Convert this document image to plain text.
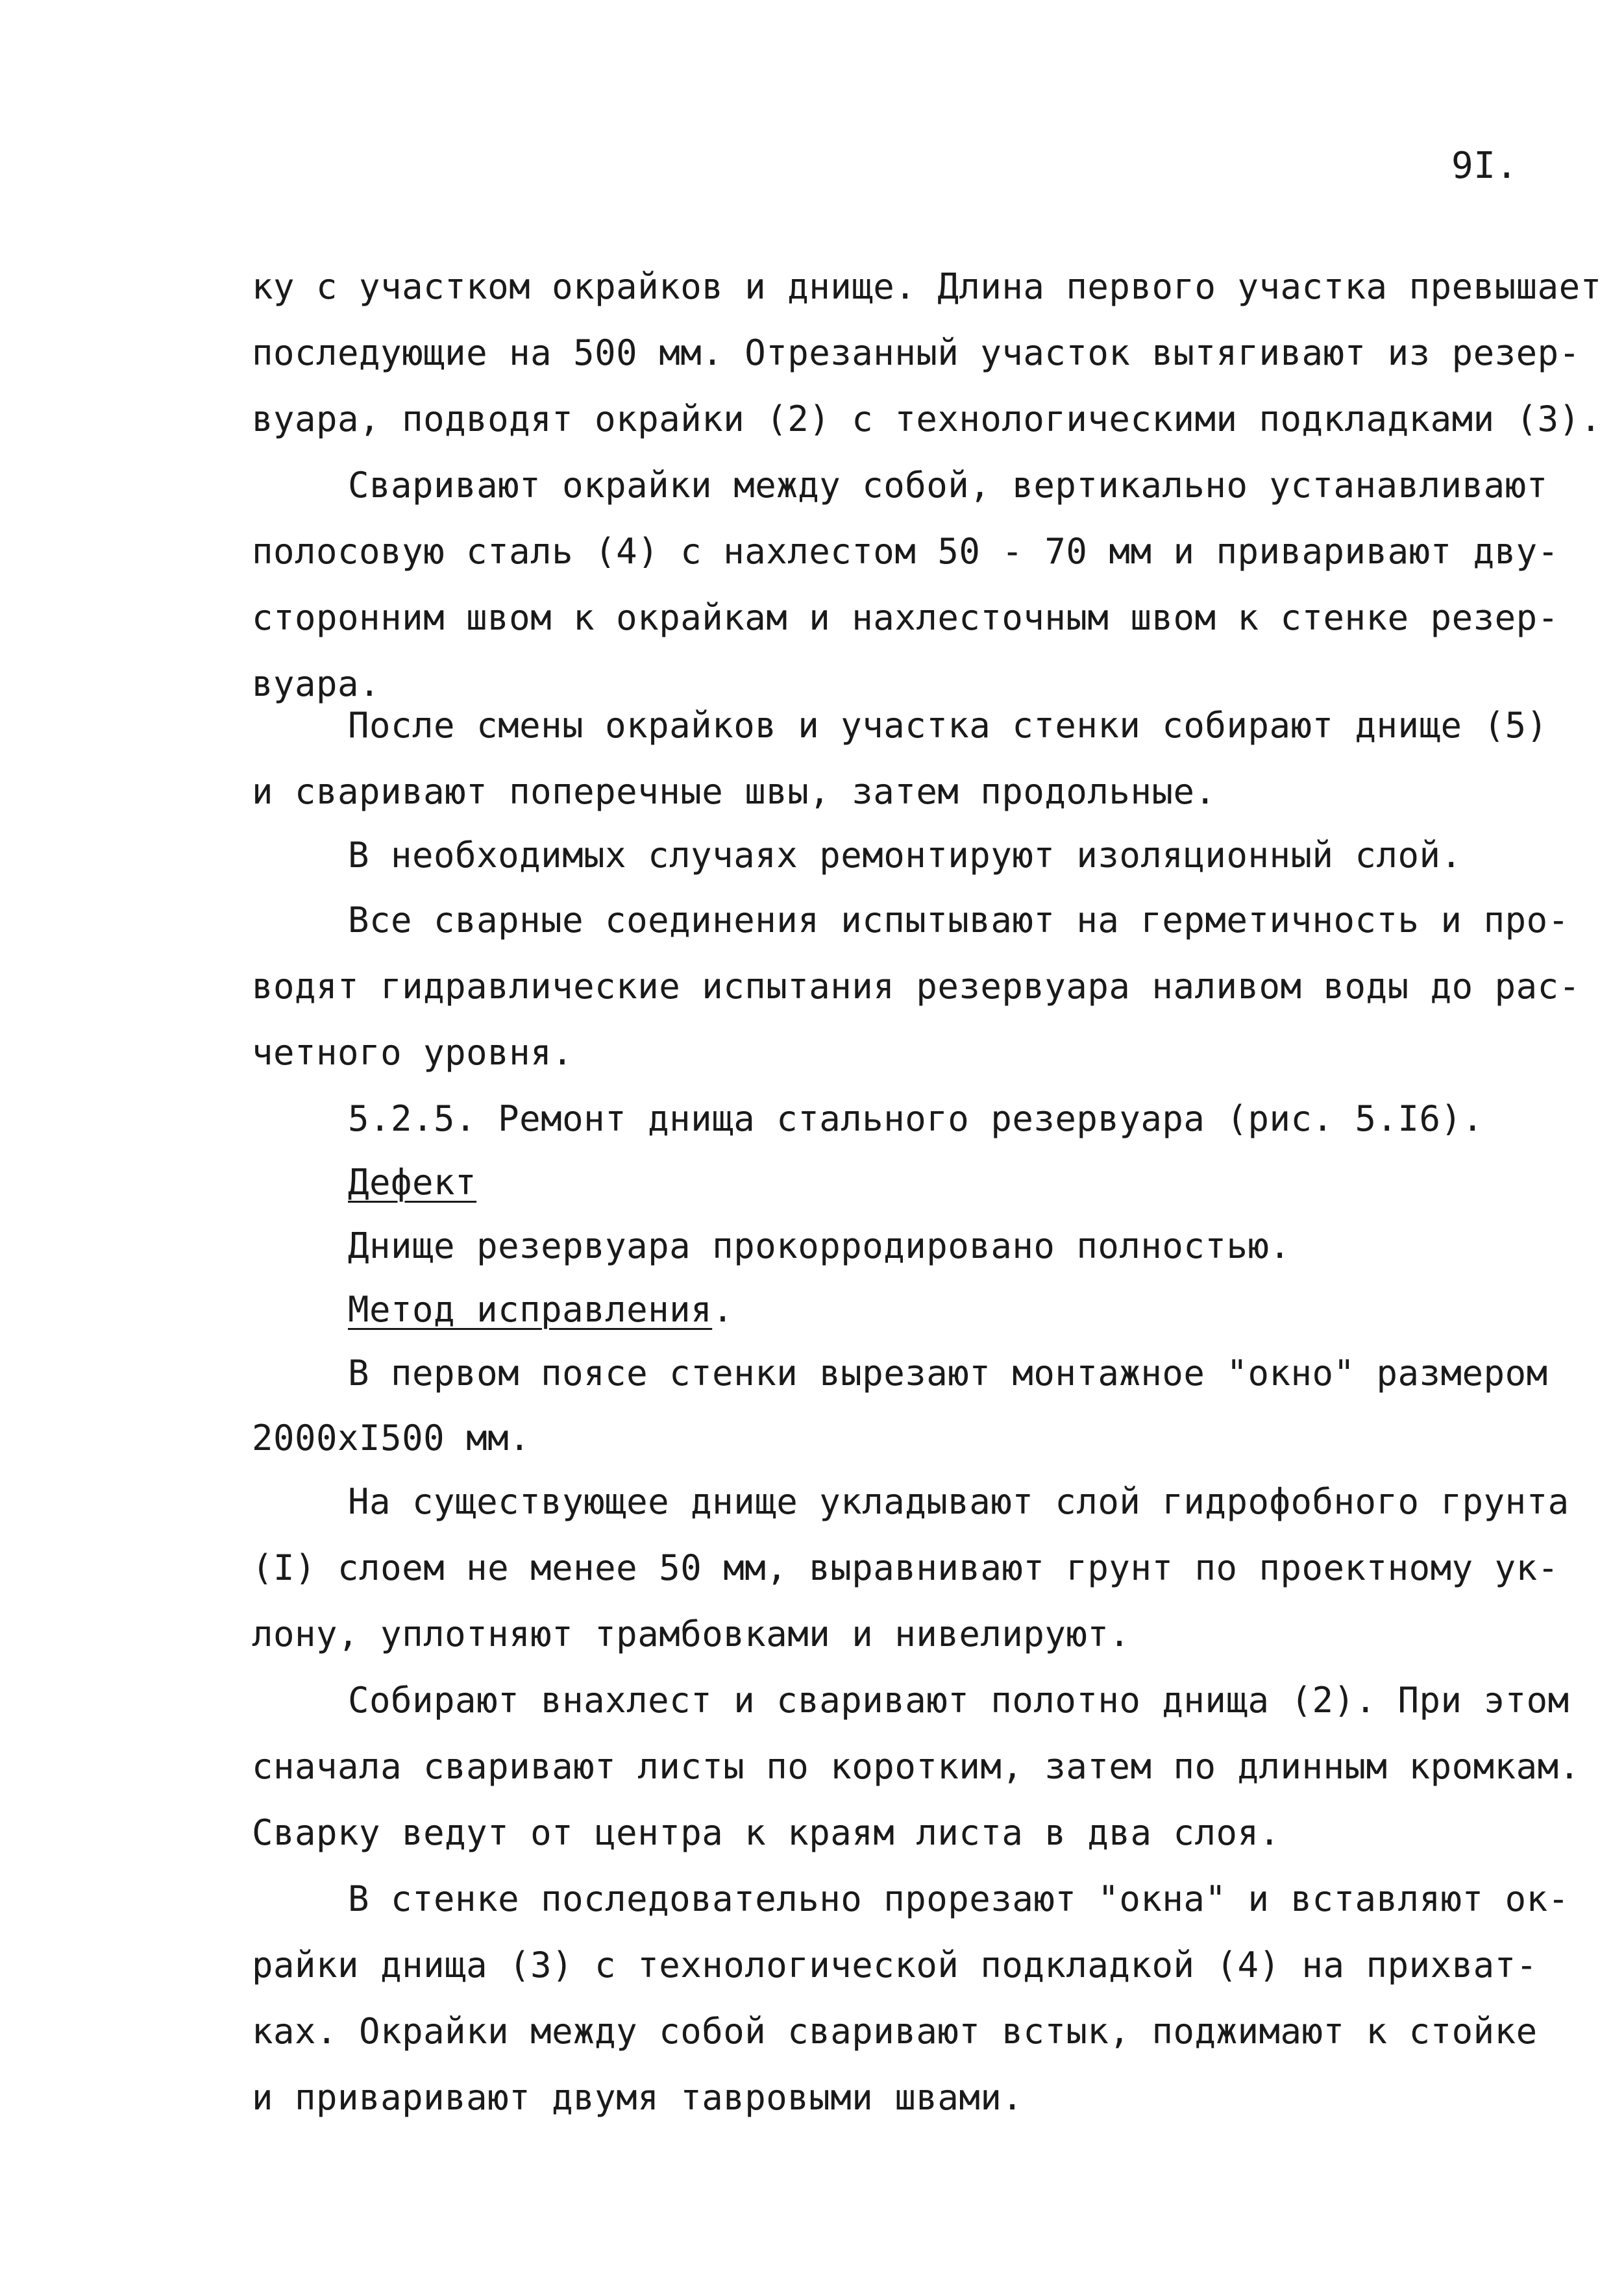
9I.

ку с участком окрайков и днище. Длина первого участка превышает

последующие на 500 мм. Отрезанный участок вытягивают из резер-

вуара, подводят окрайки (2) с технологическими подкладками (3).

Сваривают окрайки между собой, вертикально устанавливают

полосовую сталь (4) с нахлестом 50 - 70 мм и приваривают дву-

сторонним швом к окрайкам и нахлесточным швом к стенке резер-

вуара.

После смены окрайков и участка стенки собирают днище (5)

и сваривают поперечные швы, затем продольные.

В необходимых случаях ремонтируют изоляционный слой.

Все сварные соединения испытывают на герметичность и про-

водят гидравлические испытания резервуара наливом воды до рас-

четного уровня.

5.2.5. Ремонт днища стального резервуара (рис. 5.I6).

Дефект

Днище резервуара прокорродировано полностью.

Метод исправления.

В первом поясе стенки вырезают монтажное "окно" размером

2000xI500 мм.

На существующее днище укладывают слой гидрофобного грунта

(I) слоем не менее 50 мм, выравнивают грунт по проектному ук-

лону, уплотняют трамбовками и нивелируют.

Собирают внахлест и сваривают полотно днища (2). При этом

сначала сваривают листы по коротким, затем по длинным кромкам.

Сварку ведут от центра к краям листа в два слоя.

В стенке последовательно прорезают "окна" и вставляют ок-

райки днища (3) с технологической подкладкой (4) на прихват-

ках. Окрайки между собой сваривают встык, поджимают к стойке

и приваривают двумя тавровыми швами.
